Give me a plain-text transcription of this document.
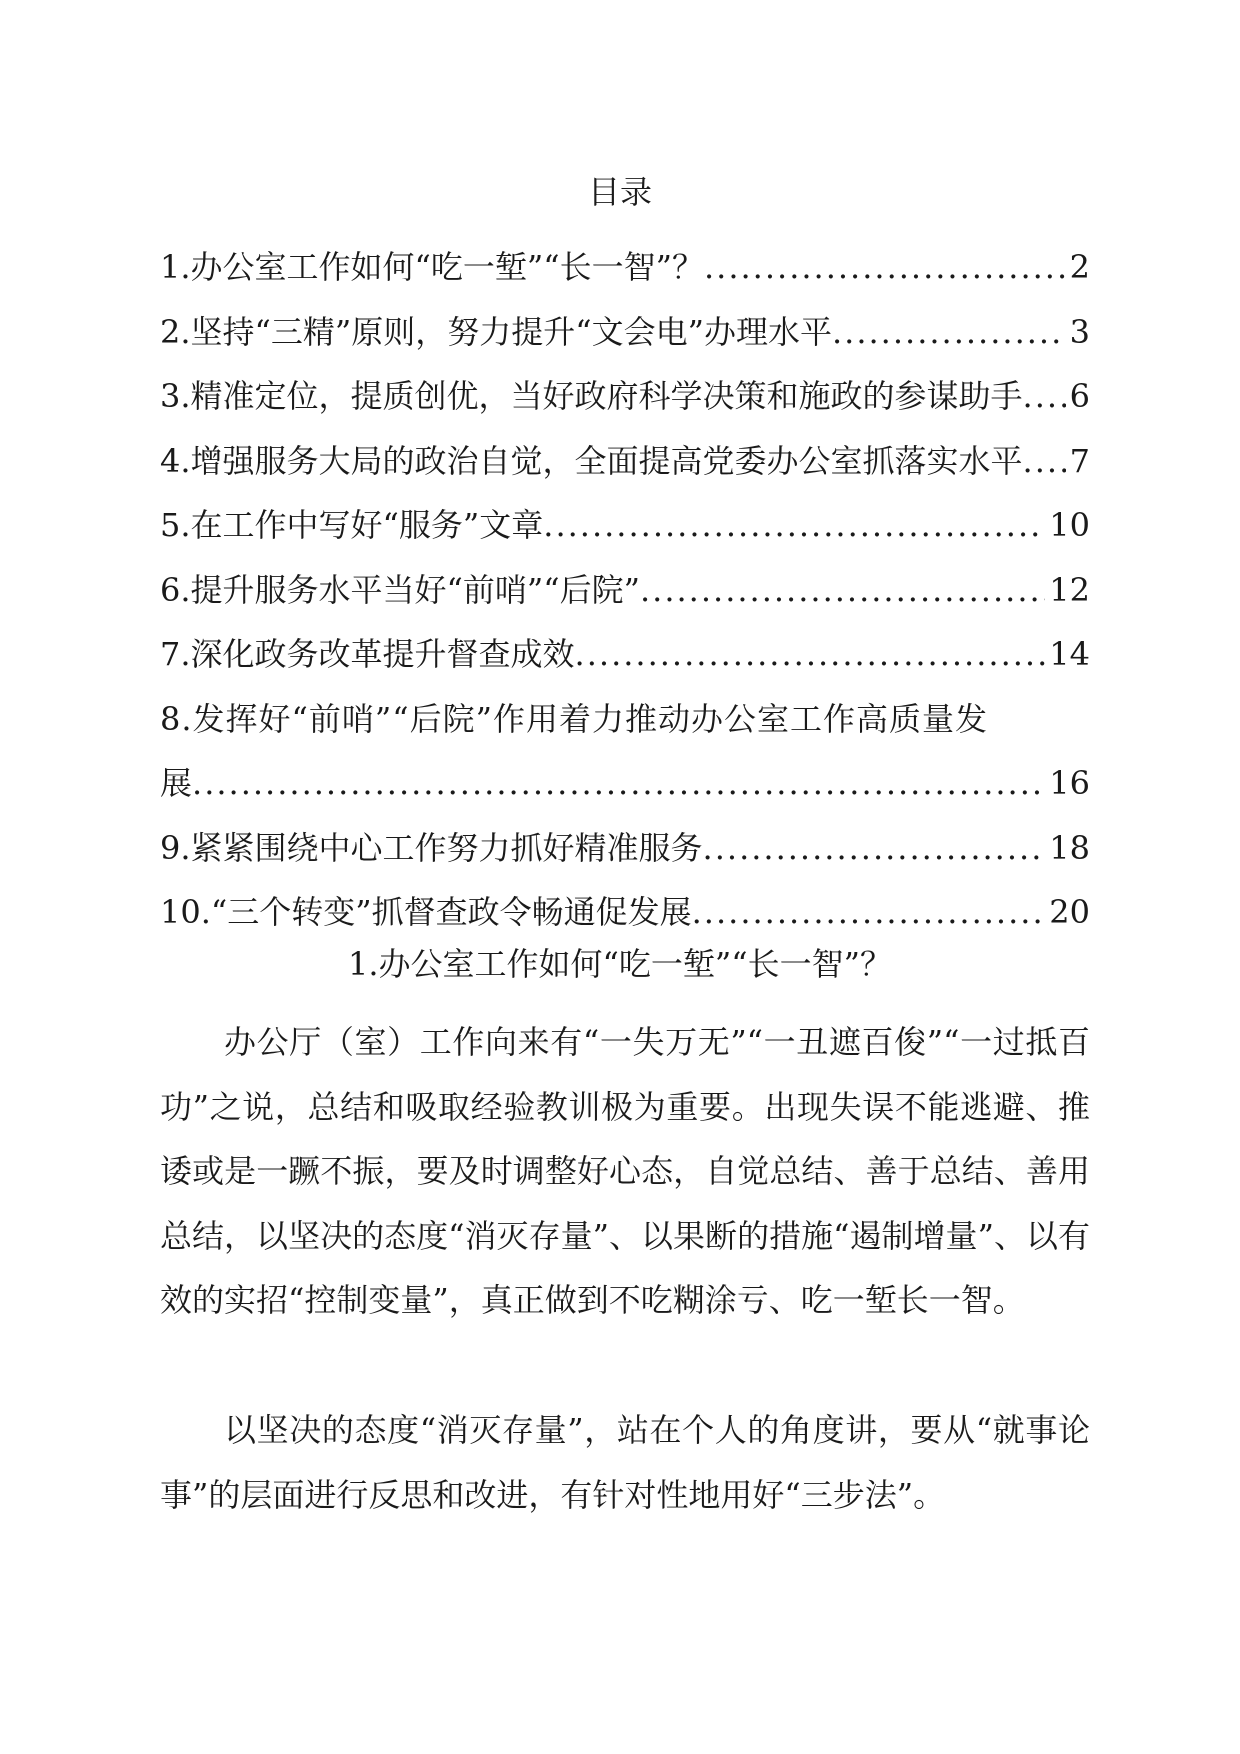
目录
1.办公室工作如何“吃一堑”“长一智”？ .....	2
2.坚持“三精”原则，努力提升“文会电”办理水平 .....	3
3.精准定位，提质创优，当好政府科学决策和施政的参谋助手 ..... 6
4.增强服务大局的政治自觉，全面提高党委办公室抓落实水平 ..... 7
5.在工作中写好“服务”文章 .....	10
6.提升服务水平当好“前哨”“后院” .....	12
7.深化政务改革提升督查成效 .....	14
8.发挥好“前哨”“后院”作用着力推动办公室工作高质量发
展 .....	16
9.紧紧围绕中心工作努力抓好精准服务 .....	18
10.“三个转变”抓督查政令畅通促发展 .....	20
1.办公室工作如何“吃一堑”“长一智”？

办公厅（室）工作向来有“一失万无”“一丑遮百俊”“一过抵百功”之说，总结和吸取经验教训极为重要。出现失误不能逃避、推诿或是一蹶不振，要及时调整好心态，自觉总结、善于总结、善用总结，以坚决的态度“消灭存量”、以果断的措施“遏制增量”、以有效的实招“控制变量”，真正做到不吃糊涂亏、吃一堑长一智。

以坚决的态度“消灭存量”，站在个人的角度讲，要从“就事论事”的层面进行反思和改进，有针对性地用好“三步法”。
